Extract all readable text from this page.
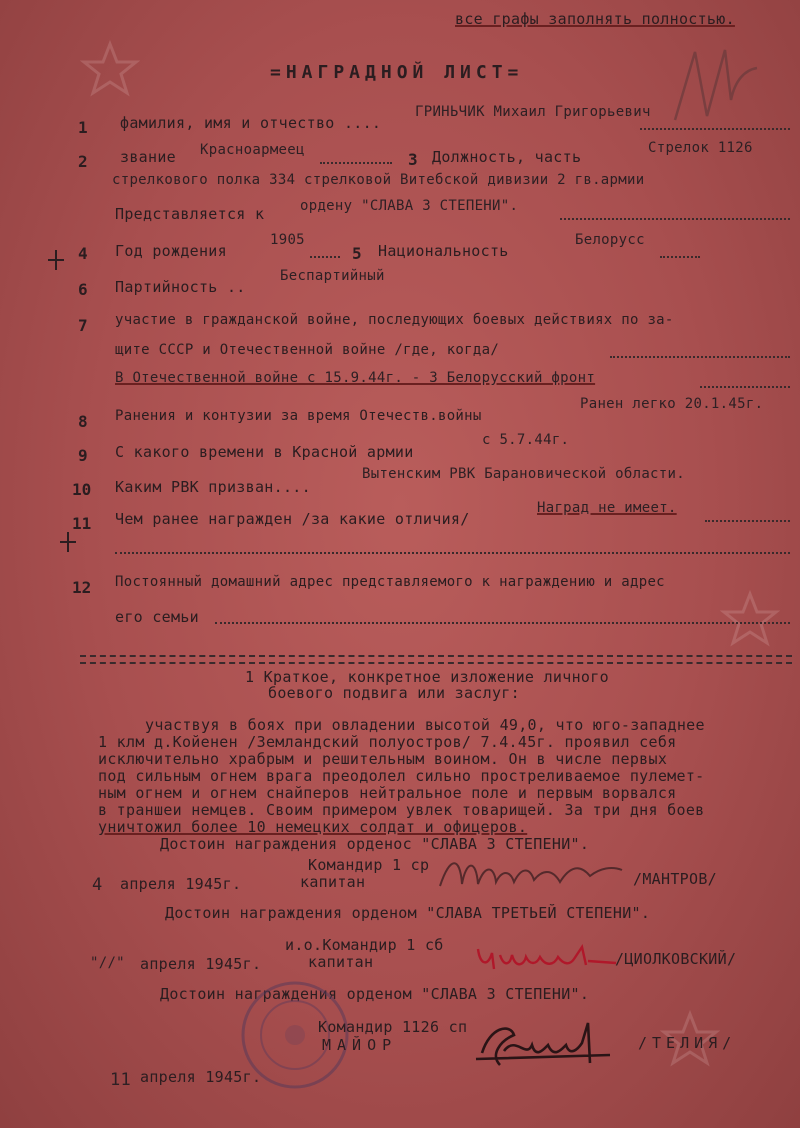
все графы заполнять полностью.
=НАГРАДНОЙ ЛИСТ=
1 фамилия, имя и отчество ....
ГРИНЬЧИК Михаил Григорьевич
2 звание Красноармеец	3 Должность, часть	Стрелок 1126
стрелкового полка 334 стрелковой Витебской дивизии 2 гв.армии
Представляется к	ордену "СЛАВА 3 СТЕПЕНИ".
4 Год рождения
1905
5 Национальность
Белорусс
6 Партийность ..
Беспартийный
7 участие в гражданской войне, последующих боевых действиях по за-
щите СССР и Отечественной войне /где, когда/
В Отечественной войне с 15.9.44г. - 3 Белорусский фронт
8 Ранения и контузии за время Отечеств.войны
Ранен легко 20.1.45г.
9 С какого времени в Красной армии
с 5.7.44г.
10 Каким РВК призван....
Вытенским РВК Барановической области.
11 Чем ранее награжден /за какие отличия/
Наград не имеет.
12 Постоянный домашний адрес представляемого к награждению и адрес
его семьи
1 Краткое, конкретное изложение личного
боевого подвига или заслуг:
участвуя в боях при овладении высотой 49,0, что юго-западнее
1 клм д.Койенен /Земландский полуостров/ 7.4.45г. проявил себя
исключительно храбрым и решительным воином. Он в числе первых
под сильным огнем врага преодолел сильно простреливаемое пулемет-
ным огнем и огнем снайперов нейтральное поле и первым ворвался
в траншеи немцев. Своим примером увлек товарищей. За три дня боев
уничтожил более 10 немецких солдат и офицеров.
Достоин награждения орденос "СЛАВА 3 СТЕПЕНИ".
Командир 1 ср
4 апреля 1945г.	капитан	/МАНТРОВ/
Достоин награждения орденом "СЛАВА ТРЕТЬЕЙ СТЕПЕНИ".
и.о.Командир 1 сб
"//" апреля 1945г.	капитан	/ЦИОЛКОВСКИЙ/
Достоин награждения орденом "СЛАВА 3 СТЕПЕНИ".
Командир 1126 сп
МАЙОР	/ТЕЛИЯ/
11 апреля 1945г.
